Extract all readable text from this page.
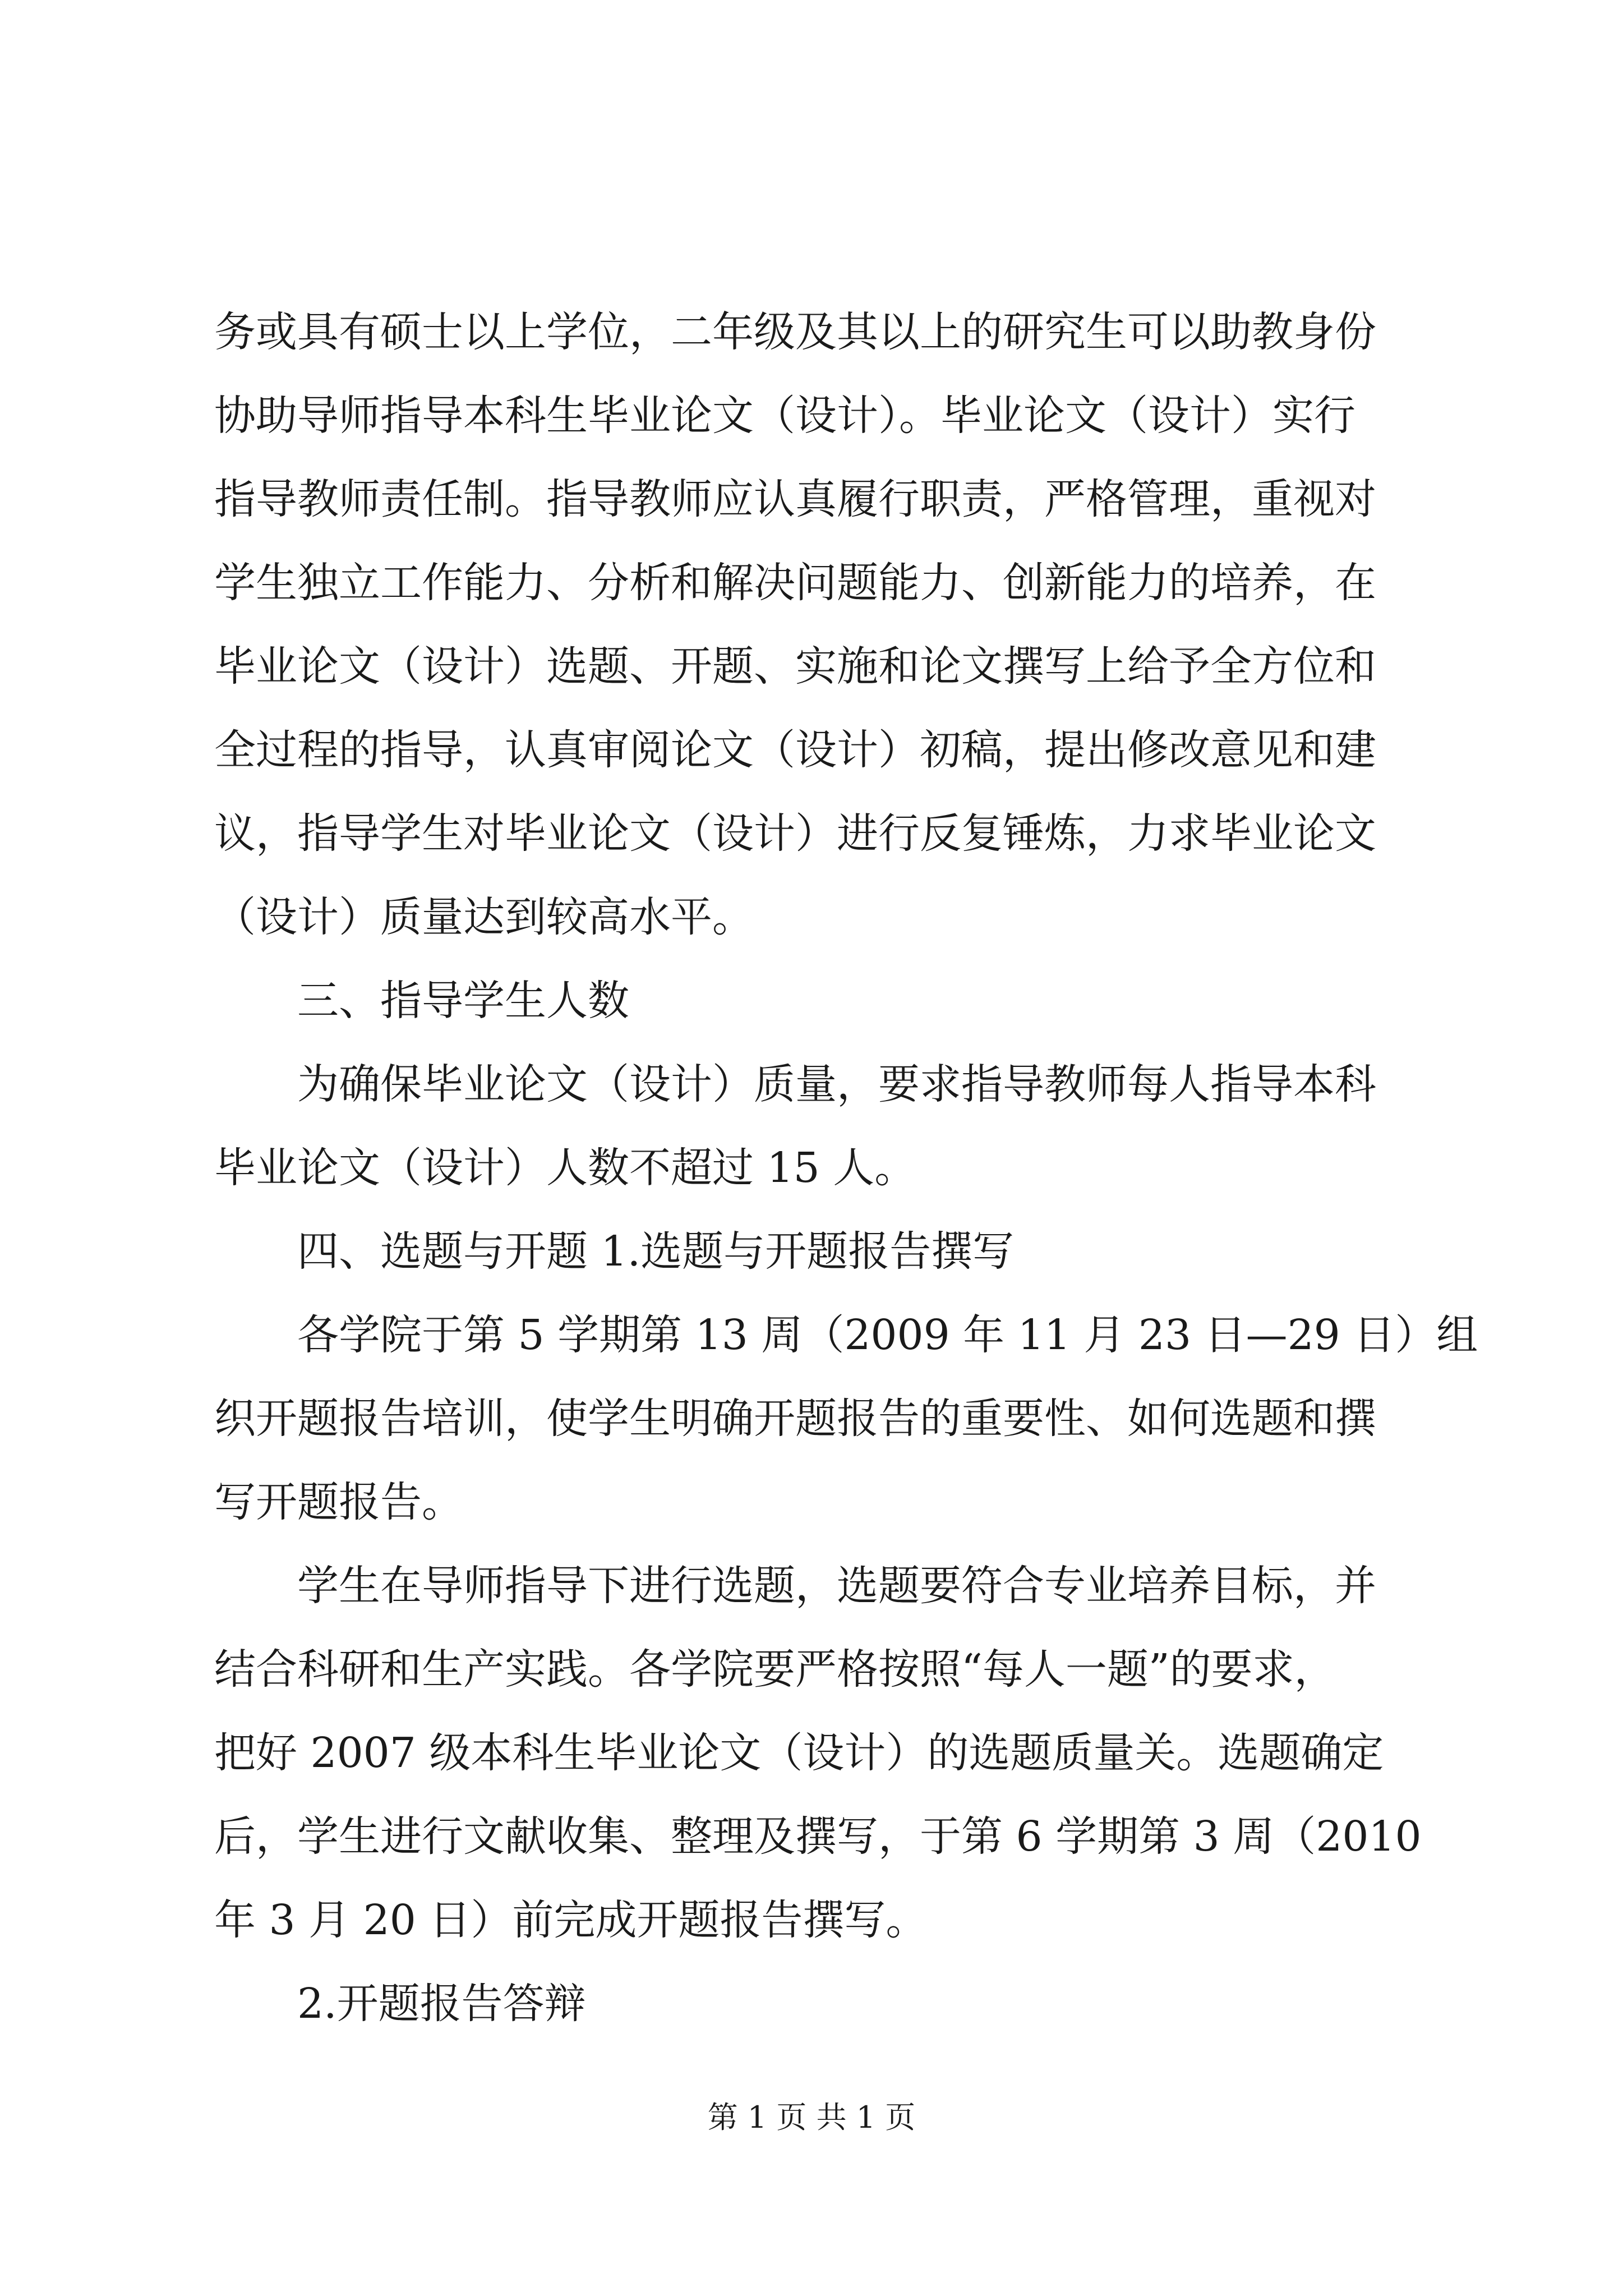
务或具有硕士以上学位，二年级及其以上的研究生可以助教身份
协助导师指导本科生毕业论文（设计）。毕业论文（设计）实行
指导教师责任制。指导教师应认真履行职责，严格管理，重视对
学生独立工作能力、分析和解决问题能力、创新能力的培养，在
毕业论文（设计）选题、开题、实施和论文撰写上给予全方位和
全过程的指导，认真审阅论文（设计）初稿，提出修改意见和建
议，指导学生对毕业论文（设计）进行反复锤炼，力求毕业论文
（设计）质量达到较高水平。
三、指导学生人数
为确保毕业论文（设计）质量，要求指导教师每人指导本科
毕业论文（设计）人数不超过 15 人。
四、选题与开题 1.选题与开题报告撰写
各学院于第 5 学期第 13 周（2009 年 11 月 23 日—29 日）组
织开题报告培训，使学生明确开题报告的重要性、如何选题和撰
写开题报告。
学生在导师指导下进行选题，选题要符合专业培养目标，并
结合科研和生产实践。各学院要严格按照“每人一题”的要求，
把好 2007 级本科生毕业论文（设计）的选题质量关。选题确定
后，学生进行文献收集、整理及撰写，于第 6 学期第 3 周（2010
年 3 月 20 日）前完成开题报告撰写。
2.开题报告答辩
第 1 页 共 1 页
